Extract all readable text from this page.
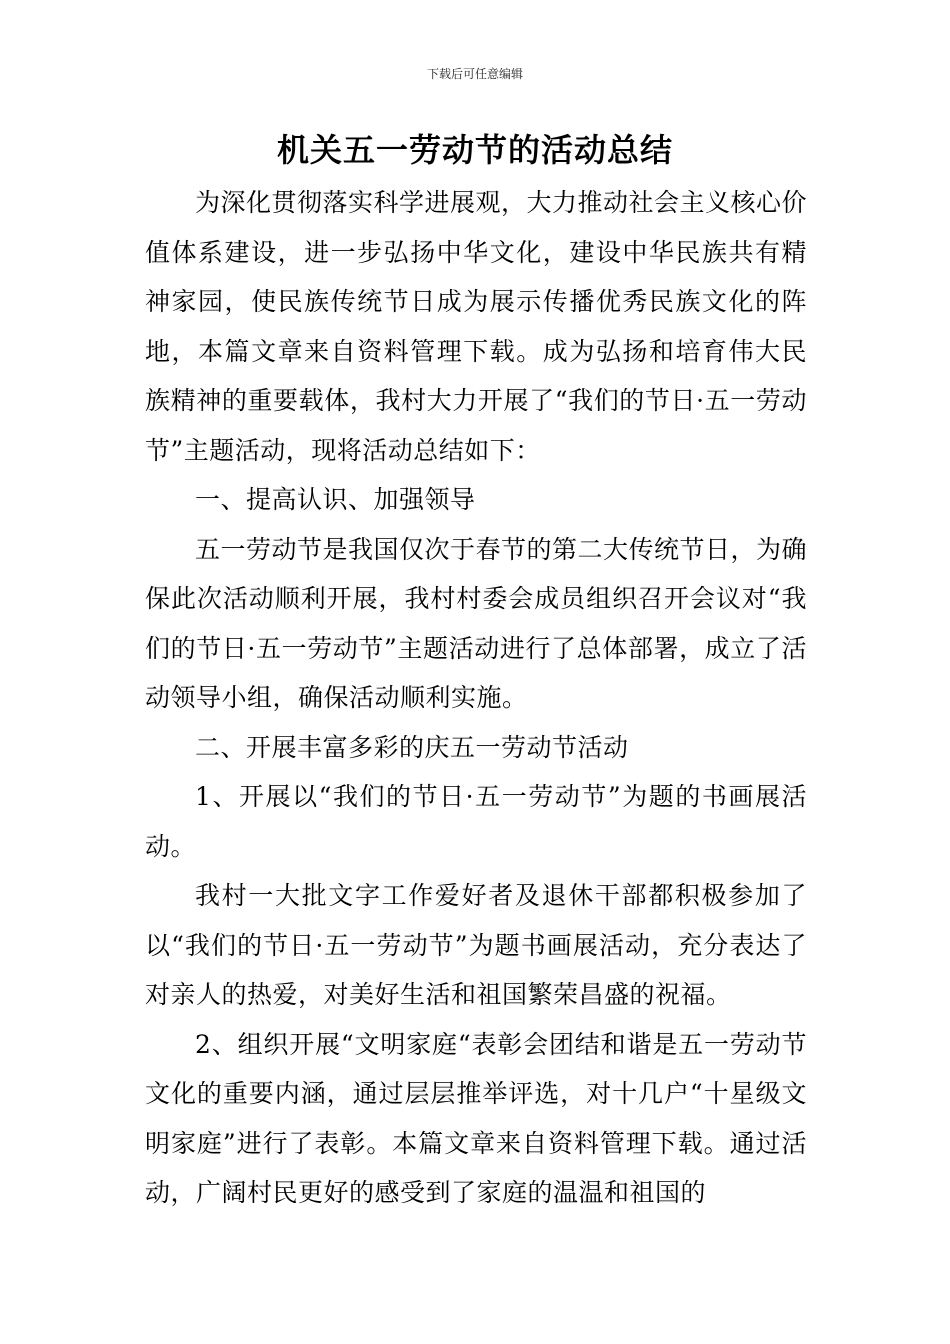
下载后可任意编辑
机关五一劳动节的活动总结

为深化贯彻落实科学进展观，大力推动社会主义核心价值体系建设，进一步弘扬中华文化，建设中华民族共有精神家园，使民族传统节日成为展示传播优秀民族文化的阵地，本篇文章来自资料管理下载。成为弘扬和培育伟大民族精神的重要载体，我村大力开展了“我们的节日·五一劳动节”主题活动，现将活动总结如下：

一、提高认识、加强领导

五一劳动节是我国仅次于春节的第二大传统节日，为确保此次活动顺利开展，我村村委会成员组织召开会议对“我们的节日·五一劳动节”主题活动进行了总体部署，成立了活动领导小组，确保活动顺利实施。

二、开展丰富多彩的庆五一劳动节活动

1、开展以“我们的节日·五一劳动节”为题的书画展活动。

我村一大批文字工作爱好者及退休干部都积极参加了以“我们的节日·五一劳动节”为题书画展活动，充分表达了对亲人的热爱，对美好生活和祖国繁荣昌盛的祝福。

2、组织开展“文明家庭“表彰会团结和谐是五一劳动节文化的重要内涵，通过层层推举评选，对十几户“十星级文明家庭”进行了表彰。本篇文章来自资料管理下载。通过活动，广阔村民更好的感受到了家庭的温温和祖国的
